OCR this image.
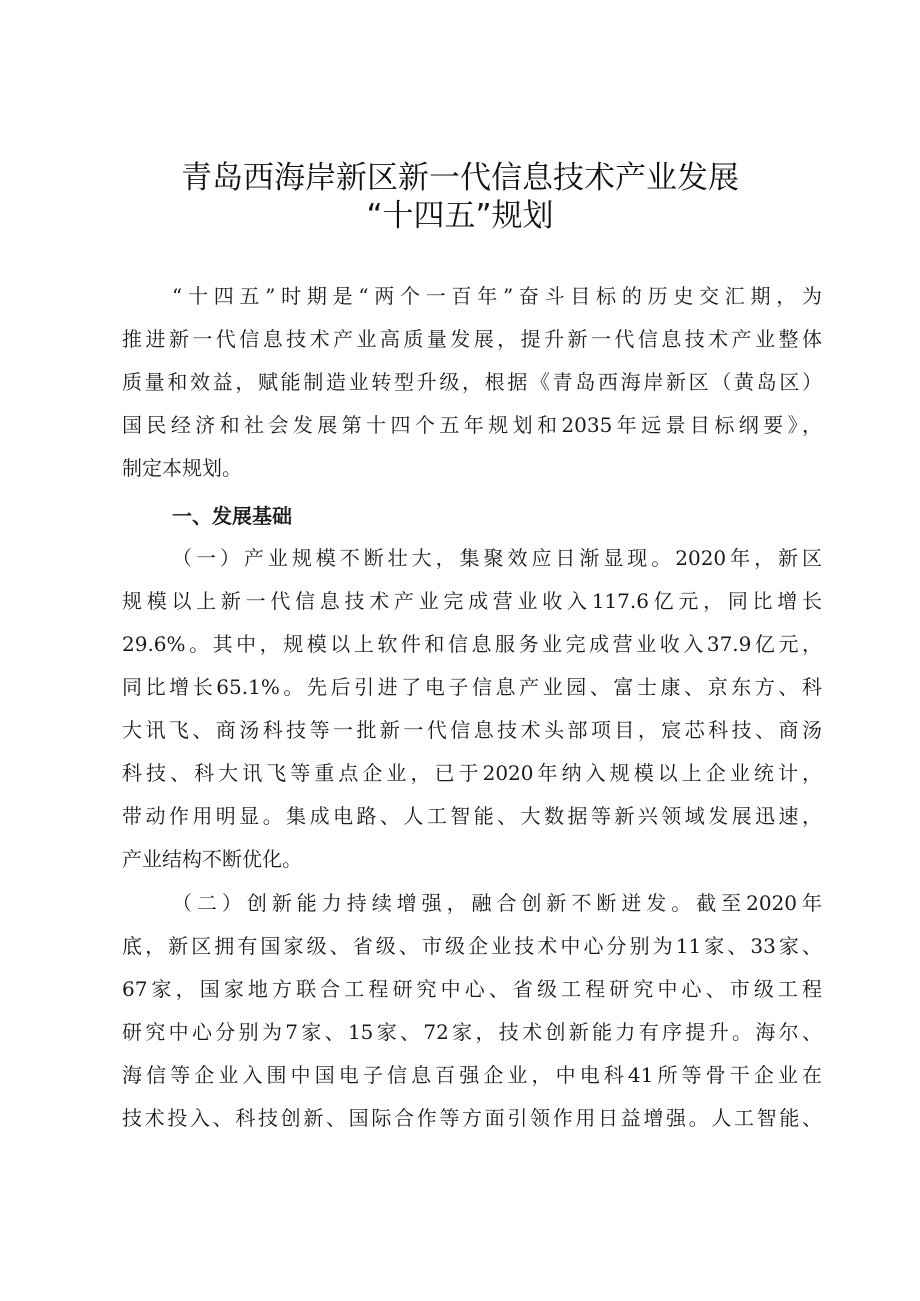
青岛西海岸新区新一代信息技术产业发展
“十四五”规划
“十四五”时期是“两个一百年”奋斗目标的历史交汇期，为
推进新一代信息技术产业高质量发展，提升新一代信息技术产业整体
质量和效益，赋能制造业转型升级，根据《青岛西海岸新区（黄岛区）
国民经济和社会发展第十四个五年规划和2035年远景目标纲要》，
制定本规划。
一、发展基础
（一）产业规模不断壮大，集聚效应日渐显现。2020年，新区
规模以上新一代信息技术产业完成营业收入117.6亿元，同比增长
29.6%。其中，规模以上软件和信息服务业完成营业收入37.9亿元，
同比增长65.1%。先后引进了电子信息产业园、富士康、京东方、科
大讯飞、商汤科技等一批新一代信息技术头部项目，宸芯科技、商汤
科技、科大讯飞等重点企业，已于2020年纳入规模以上企业统计，
带动作用明显。集成电路、人工智能、大数据等新兴领域发展迅速，
产业结构不断优化。
（二）创新能力持续增强，融合创新不断迸发。截至2020年
底，新区拥有国家级、省级、市级企业技术中心分别为11家、33家、
67家，国家地方联合工程研究中心、省级工程研究中心、市级工程
研究中心分别为7家、15家、72家，技术创新能力有序提升。海尔、
海信等企业入围中国电子信息百强企业，中电科41所等骨干企业在
技术投入、科技创新、国际合作等方面引领作用日益增强。人工智能、
